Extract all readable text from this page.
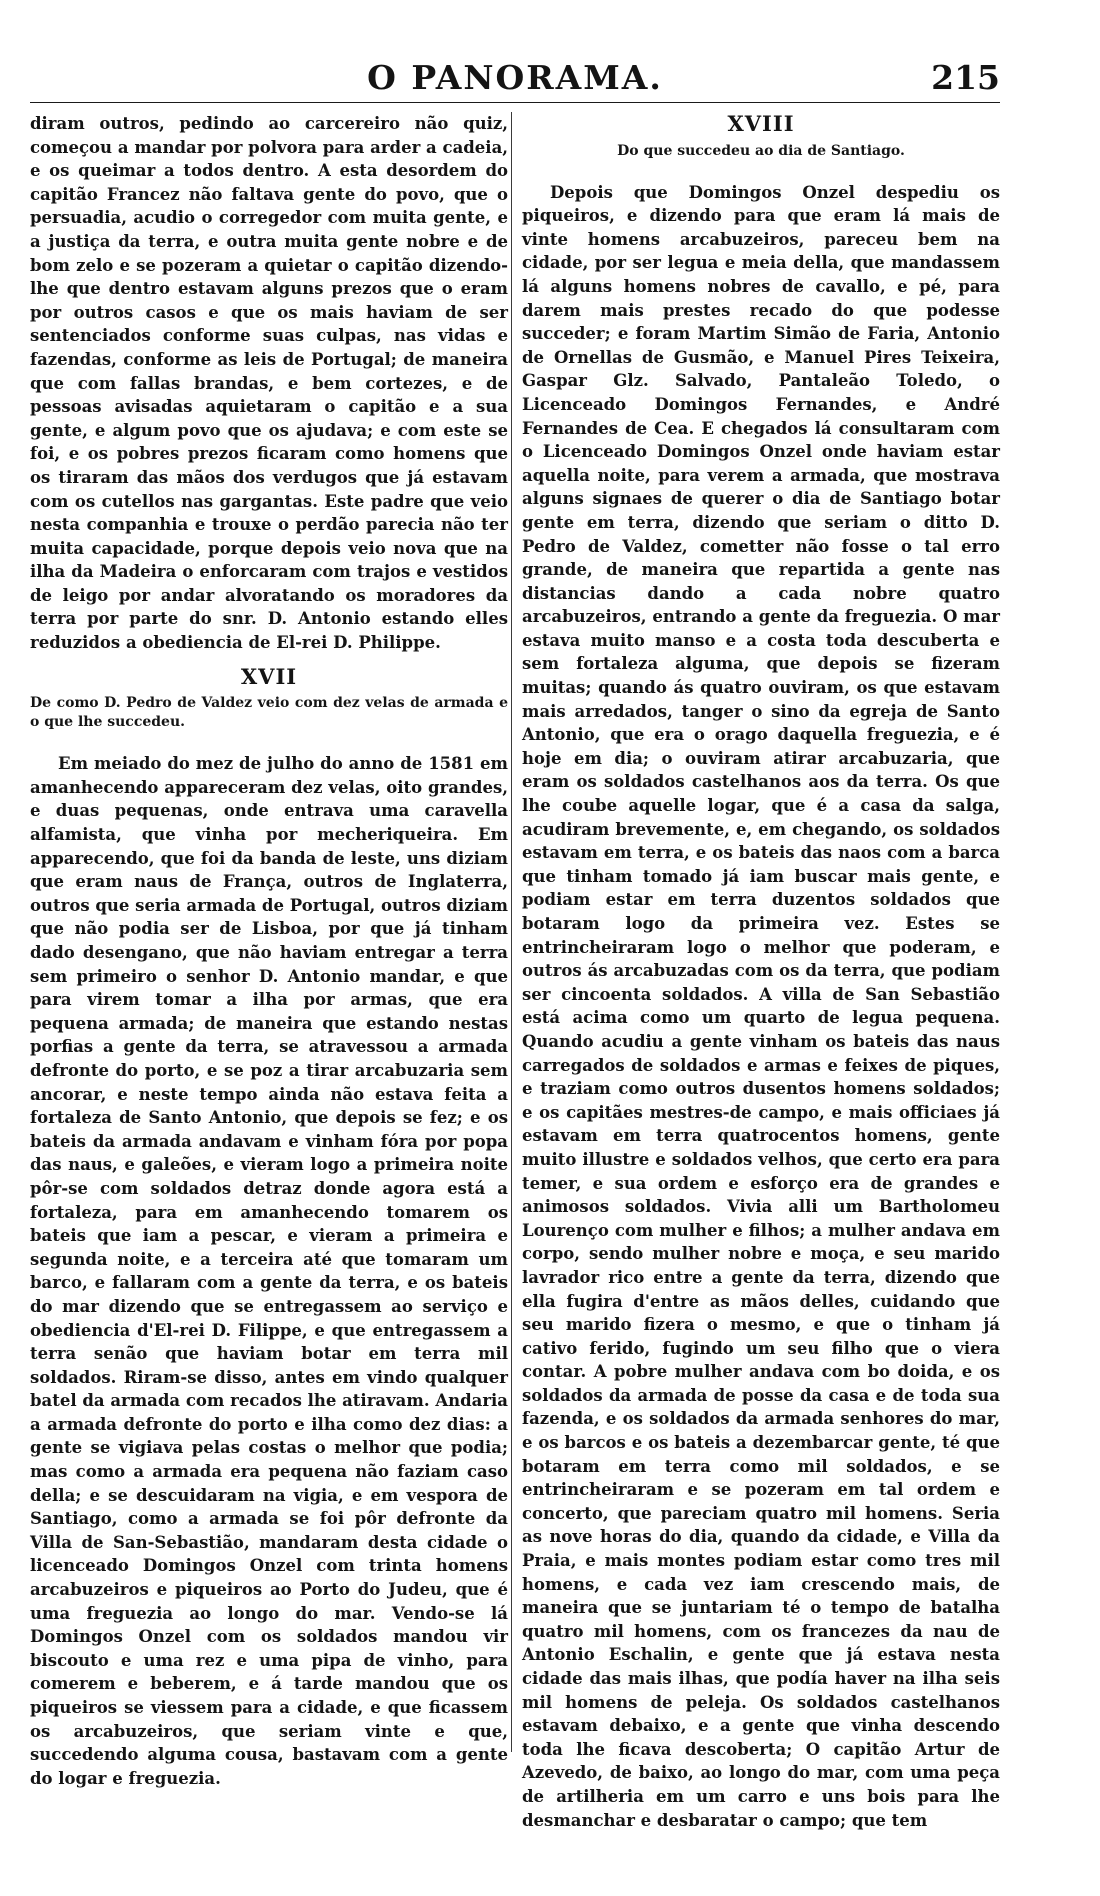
O PANORAMA.	215

diram outros, pedindo ao carcereiro não quiz, começou a mandar por polvora para arder a cadeia, e os queimar a todos dentro. A esta desordem do capitão Francez não faltava gente do povo, que o persuadia, acudio o corregedor com muita gente, e a justiça da terra, e outra muita gente nobre e de bom zelo e se pozeram a quietar o capitão dizendo-lhe que dentro estavam alguns prezos que o eram por outros casos e que os mais haviam de ser sentenciados conforme suas culpas, nas vidas e fazendas, conforme as leis de Portugal; de maneira que com fallas brandas, e bem cortezes, e de pessoas avisadas aquietaram o capitão e a sua gente, e algum povo que os ajudava; e com este se foi, e os pobres prezos ficaram como homens que os tiraram das mãos dos verdugos que já estavam com os cutellos nas gargantas. Este padre que veio nesta companhia e trouxe o perdão parecia não ter muita capacidade, porque depois veio nova que na ilha da Madeira o enforcaram com trajos e vestidos de leigo por andar alvoratando os moradores da terra por parte do snr. D. Antonio estando elles reduzidos a obediencia de El-rei D. Philippe.

XVII
De como D. Pedro de Valdez veio com dez velas de armada e o que lhe succedeu.

Em meiado do mez de julho do anno de 1581 em amanhecendo appareceram dez velas, oito grandes, e duas pequenas, onde entrava uma caravella alfamista, que vinha por mecheriqueira. Em apparecendo, que foi da banda de leste, uns diziam que eram naus de França, outros de Inglaterra, outros que seria armada de Portugal, outros diziam que não podia ser de Lisboa, por que já tinham dado desengano, que não haviam entregar a terra sem primeiro o senhor D. Antonio mandar, e que para virem tomar a ilha por armas, que era pequena armada; de maneira que estando nestas porfias a gente da terra, se atravessou a armada defronte do porto, e se poz a tirar arcabuzaria sem ancorar, e neste tempo ainda não estava feita a fortaleza de Santo Antonio, que depois se fez; e os bateis da armada andavam e vinham fóra por popa das naus, e galeões, e vieram logo a primeira noite pôr-se com soldados detraz donde agora está a fortaleza, para em amanhecendo tomarem os bateis que iam a pescar, e vieram a primeira e segunda noite, e a terceira até que tomaram um barco, e fallaram com a gente da terra, e os bateis do mar dizendo que se entregassem ao serviço e obediencia d'El-rei D. Filippe, e que entregassem a terra senão que haviam botar em terra mil soldados. Riram-se disso, antes em vindo qualquer batel da armada com recados lhe atiravam. Andaria a armada defronte do porto e ilha como dez dias: a gente se vigiava pelas costas o melhor que podia; mas como a armada era pequena não faziam caso della; e se descuidaram na vigia, e em vespora de Santiago, como a armada se foi pôr defronte da Villa de San-Sebastião, mandaram desta cidade o licenceado Domingos Onzel com trinta homens arcabuzeiros e piqueiros ao Porto do Judeu, que é uma freguezia ao longo do mar. Vendo-se lá Domingos Onzel com os soldados mandou vir biscouto e uma rez e uma pipa de vinho, para comerem e beberem, e á tarde mandou que os piqueiros se viessem para a cidade, e que ficassem os arcabuzeiros, que seriam vinte e que, succedendo alguma cousa, bastavam com a gente do logar e freguezia.

XVIII
Do que succedeu ao dia de Santiago.

Depois que Domingos Onzel despediu os piqueiros, e dizendo para que eram lá mais de vinte homens arcabuzeiros, pareceu bem na cidade, por ser legua e meia della, que mandassem lá alguns homens nobres de cavallo, e pé, para darem mais prestes recado do que podesse succeder; e foram Martim Simão de Faria, Antonio de Ornellas de Gusmão, e Manuel Pires Teixeira, Gaspar Glz. Salvado, Pantaleão Toledo, o Licenceado Domingos Fernandes, e André Fernandes de Cea. E chegados lá consultaram com o Licenceado Domingos Onzel onde haviam estar aquella noite, para verem a armada, que mostrava alguns signaes de querer o dia de Santiago botar gente em terra, dizendo que seriam o ditto D. Pedro de Valdez, cometter não fosse o tal erro grande, de maneira que repartida a gente nas distancias dando a cada nobre quatro arcabuzeiros, entrando a gente da freguezia. O mar estava muito manso e a costa toda descuberta e sem fortaleza alguma, que depois se fizeram muitas; quando ás quatro ouviram, os que estavam mais arredados, tanger o sino da egreja de Santo Antonio, que era o orago daquella freguezia, e é hoje em dia; o ouviram atirar arcabuzaria, que eram os soldados castelhanos aos da terra. Os que lhe coube aquelle logar, que é a casa da salga, acudiram brevemente, e, em chegando, os soldados estavam em terra, e os bateis das naos com a barca que tinham tomado já iam buscar mais gente, e podiam estar em terra duzentos soldados que botaram logo da primeira vez. Estes se entrincheiraram logo o melhor que poderam, e outros ás arcabuzadas com os da terra, que podiam ser cincoenta soldados. A villa de San Sebastião está acima como um quarto de legua pequena. Quando acudiu a gente vinham os bateis das naus carregados de soldados e armas e feixes de piques, e traziam como outros dusentos homens soldados; e os capitães mestres-de campo, e mais officiaes já estavam em terra quatrocentos homens, gente muito illustre e soldados velhos, que certo era para temer, e sua ordem e esforço era de grandes e animosos soldados. Vivia alli um Bartholomeu Lourenço com mulher e filhos; a mulher andava em corpo, sendo mulher nobre e moça, e seu marido lavrador rico entre a gente da terra, dizendo que ella fugira d'entre as mãos delles, cuidando que seu marido fizera o mesmo, e que o tinham já cativo ferido, fugindo um seu filho que o viera contar. A pobre mulher andava com bo doida, e os soldados da armada de posse da casa e de toda sua fazenda, e os soldados da armada senhores do mar, e os barcos e os bateis a dezembarcar gente, té que botaram em terra como mil soldados, e se entrincheiraram e se pozeram em tal ordem e concerto, que pareciam quatro mil homens. Seria as nove horas do dia, quando da cidade, e Villa da Praia, e mais montes podiam estar como tres mil homens, e cada vez iam crescendo mais, de maneira que se juntariam té o tempo de batalha quatro mil homens, com os francezes da nau de Antonio Eschalin, e gente que já estava nesta cidade das mais ilhas, que podía haver na ilha seis mil homens de peleja. Os soldados castelhanos estavam debaixo, e a gente que vinha descendo toda lhe ficava descoberta; O capitão Artur de Azevedo, de baixo, ao longo do mar, com uma peça de artilheria em um carro e uns bois para lhe desmanchar e desbaratar o campo; que tem
